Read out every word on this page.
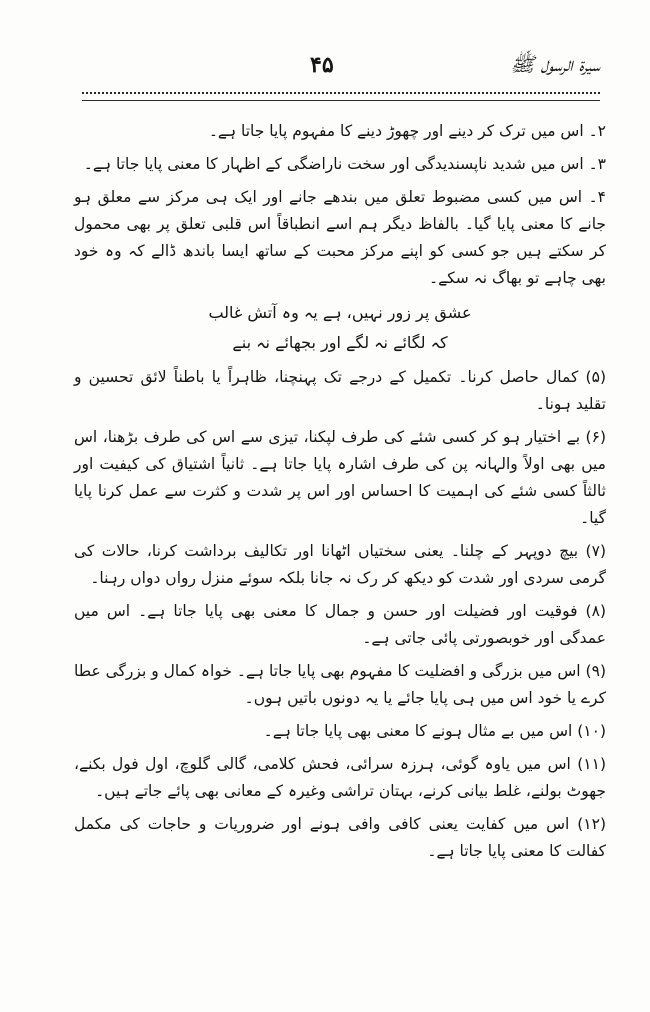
سیرۃ الرسول ﷺ
۴۵

۲۔ اس میں ترک کر دینے اور چھوڑ دینے کا مفہوم پایا جاتا ہے۔

۳۔ اس میں شدید ناپسندیدگی اور سخت ناراضگی کے اظہار کا معنی پایا جاتا ہے۔

۴۔ اس میں کسی مضبوط تعلق میں بندھے جانے اور ایک ہی مرکز سے معلق ہو جانے کا معنی پایا گیا۔ بالفاظ دیگر ہم اسے انطباقاً اس قلبی تعلق پر بھی محمول کر سکتے ہیں جو کسی کو اپنے مرکز محبت کے ساتھ ایسا باندھ ڈالے کہ وہ خود بھی چاہے تو بھاگ نہ سکے۔

عشق پر زور نہیں، ہے یہ وہ آتش غالب
کہ لگائے نہ لگے اور بجھائے نہ بنے

(۵) کمال حاصل کرنا۔ تکمیل کے درجے تک پہنچنا، ظاہراً یا باطناً لائق تحسین و تقلید ہونا۔

(۶) بے اختیار ہو کر کسی شئے کی طرف لپکنا، تیزی سے اس کی طرف بڑھنا، اس میں بھی اولاً والہانہ پن کی طرف اشارہ پایا جاتا ہے۔ ثانیاً اشتیاق کی کیفیت اور ثالثاً کسی شئے کی اہمیت کا احساس اور اس پر شدت و کثرت سے عمل کرنا پایا گیا۔

(۷) بیچ دوپہر کے چلنا۔ یعنی سختیاں اٹھانا اور تکالیف برداشت کرنا، حالات کی گرمی سردی اور شدت کو دیکھ کر رک نہ جانا بلکہ سوئے منزل رواں دواں رہنا۔

(۸) فوقیت اور فضیلت اور حسن و جمال کا معنی بھی پایا جاتا ہے۔ اس میں عمدگی اور خوبصورتی پائی جاتی ہے۔

(۹) اس میں بزرگی و افضلیت کا مفہوم بھی پایا جاتا ہے۔ خواہ کمال و بزرگی عطا کرے یا خود اس میں ہی پایا جائے یا یہ دونوں باتیں ہوں۔

(۱۰) اس میں بے مثال ہونے کا معنی بھی پایا جاتا ہے۔

(۱۱) اس میں یاوہ گوئی، ہرزہ سرائی، فحش کلامی، گالی گلوچ، اول فول بکنے، جھوٹ بولنے، غلط بیانی کرنے، بہتان تراشی وغیرہ کے معانی بھی پائے جاتے ہیں۔

(۱۲) اس میں کفایت یعنی کافی وافی ہونے اور ضروریات و حاجات کی مکمل کفالت کا معنی پایا جاتا ہے۔
